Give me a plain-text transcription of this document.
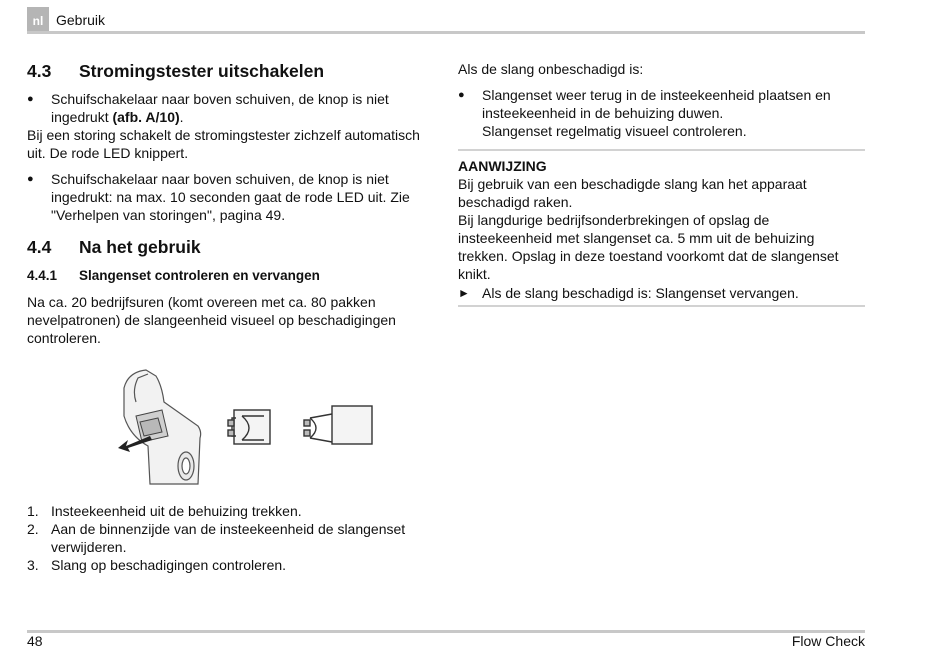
nl Gebruik
4.3	Stromingstester uitschakelen
●	Schuifschakelaar naar boven schuiven, de knop is niet ingedrukt (afb. A/10).

Bij een storing schakelt de stromingstester zichzelf automatisch uit. De rode LED knippert.

●	Schuifschakelaar naar boven schuiven, de knop is niet ingedrukt: na max. 10 seconden gaat de rode LED uit. Zie "Verhelpen van storingen", pagina 49.
4.4	Na het gebruik
4.4.1	Slangenset controleren en vervangen

Na ca. 20 bedrijfsuren (komt overeen met ca. 80 pakken nevelpatronen) de slangeenheid visueel op beschadigingen controleren.

1. Insteekeenheid uit de behuizing trekken.
2. Aan de binnenzijde van de insteekeenheid de slangenset verwijderen.
3. Slang op beschadigingen controleren.

Als de slang onbeschadigd is:

●	Slangenset weer terug in de insteekeenheid plaatsen en insteekeenheid in de behuizing duwen.
Slangenset regelmatig visueel controleren.
AANWIJZING

Bij gebruik van een beschadigde slang kan het apparaat beschadigd raken.

Bij langdurige bedrijfsonderbrekingen of opslag de insteekeenheid met slangenset ca. 5 mm uit de behuizing trekken. Opslag in deze toestand voorkomt dat de slangenset knikt.

► Als de slang beschadigd is: Slangenset vervangen.
48	Flow Check
